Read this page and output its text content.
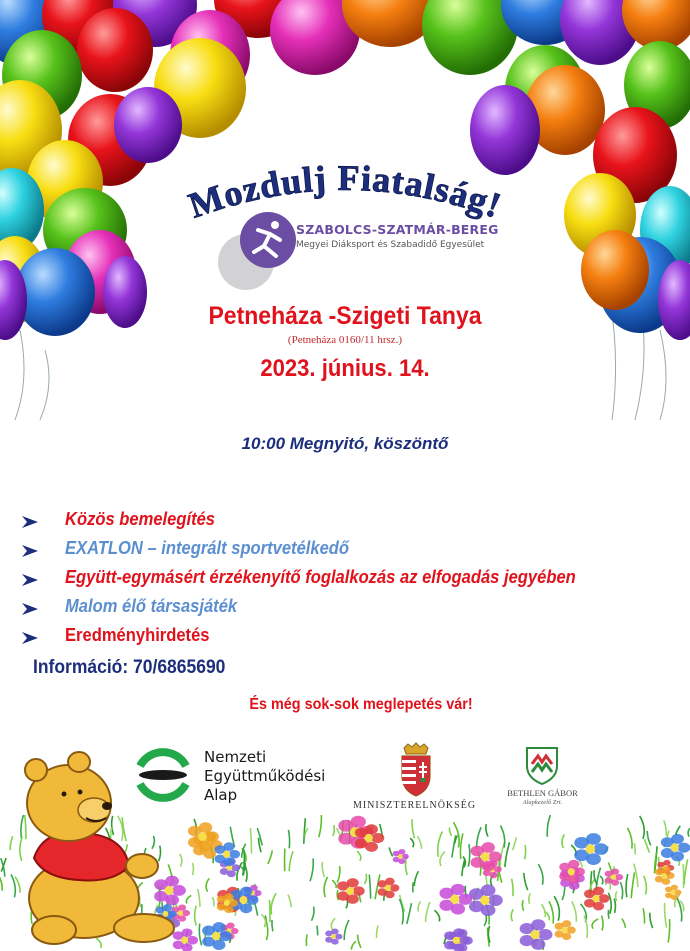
Mozdulj Fiatalság!
SZABOLCS-SZATMÁR-BEREG
Megyei Diáksport és Szabadidő Egyesület
Petneháza -Szigeti Tanya
(Petneháza 0160/11 hrsz.)
2023. június. 14.
10:00 Megnyitó, köszöntő
Közös bemelegítés
EXATLON – integrált sportvetélkedő
Együtt-egymásért érzékenyítő foglalkozás az elfogadás jegyében
Malom élő társasjáték
Eredményhirdetés
Információ: 70/6865690
És még sok-sok meglepetés vár!
Nemzeti
Együttműködési
Alap
MINISZTERELNÖKSÉG
BETHLEN GÁBOR
Alapkezelő Zrt.
